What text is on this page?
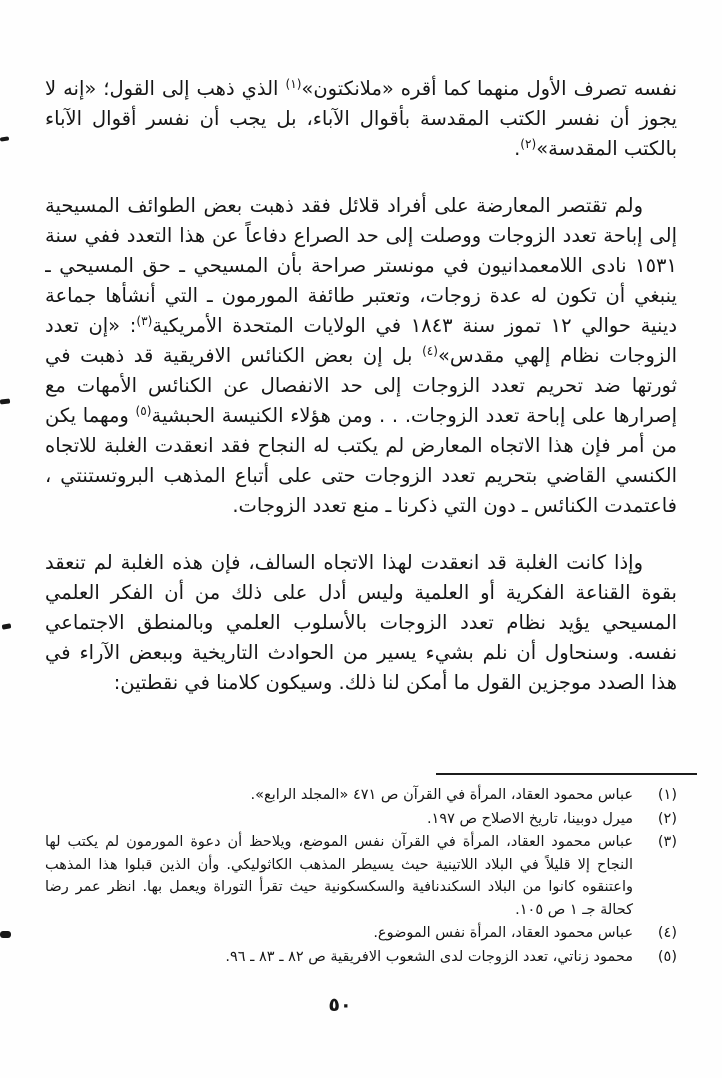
نفسه تصرف الأول منهما كما أقره «ملانكتون»$^{(١)}$ الذي ذهب إلى القول؛ «إنه لا يجوز أن نفسر الكتب المقدسة بأقوال الآباء، بل يجب أن نفسر أقوال الآباء بالكتب المقدسة»$^{(٢)}$.

ولم تقتصر المعارضة على أفراد قلائل فقد ذهبت بعض الطوائف المسيحية إلى إباحة تعدد الزوجات ووصلت إلى حد الصراع دفاعاً عن هذا التعدد ففي سنة ١٥٣١ نادى اللامعمدانيون في مونستر صراحة بأن المسيحي ـ حق المسيحي ـ ينبغي أن تكون له عدة زوجات، وتعتبر طائفة المورمون ـ التي أنشأها جماعة دينية حوالي ١٢ تموز سنة ١٨٤٣ في الولايات المتحدة الأمريكية$^{(٣)}$: «إن تعدد الزوجات نظام إلهي مقدس»$^{(٤)}$ بل إن بعض الكنائس الافريقية قد ذهبت في ثورتها ضد تحريم تعدد الزوجات إلى حد الانفصال عن الكنائس الأمهات مع إصرارها على إباحة تعدد الزوجات. . . ومن هؤلاء الكنيسة الحبشية$^{(٥)}$ ومهما يكن من أمر فإن هذا الاتجاه المعارض لم يكتب له النجاح فقد انعقدت الغلبة للاتجاه الكنسي القاضي بتحريم تعدد الزوجات حتى على أتباع المذهب البروتستنتي ، فاعتمدت الكنائس ـ دون التي ذكرنا ـ منع تعدد الزوجات.

وإذا كانت الغلبة قد انعقدت لهذا الاتجاه السالف، فإن هذه الغلبة لم تنعقد بقوة القناعة الفكرية أو العلمية وليس أدل على ذلك من أن الفكر العلمي المسيحي يؤيد نظام تعدد الزوجات بالأسلوب العلمي وبالمنطق الاجتماعي نفسه. وسنحاول أن نلم بشيء يسير من الحوادث التاريخية وببعض الآراء في هذا الصدد موجزين القول ما أمكن لنا ذلك. وسيكون كلامنا في نقطتين:

(١)
عباس محمود العقاد، المرأة في القرآن ص ٤٧١ «المجلد الرابع».
(٢)
ميرل دوبينا، تاريخ الاصلاح ص ١٩٧.
(٣)
عباس محمود العقاد، المرأة في القرآن نفس الموضع، ويلاحظ أن دعوة المورمون لم يكتب لها النجاح إلا قليلاً في البلاد اللاتينية حيث يسيطر المذهب الكاثوليكي. وأن الذين قبلوا هذا المذهب واعتنقوه كانوا من البلاد السكندنافية والسكسكونية حيث تقرأ التوراة ويعمل بها. انظر عمر رضا كحالة جـ ١ ص ١٠٥.
(٤)
عباس محمود العقاد، المرأة نفس الموضوع.
(٥)
محمود زناتي، تعدد الزوجات لدى الشعوب الافريقية ص ٨٢ ـ ٨٣ ـ ٩٦.
٥٠
